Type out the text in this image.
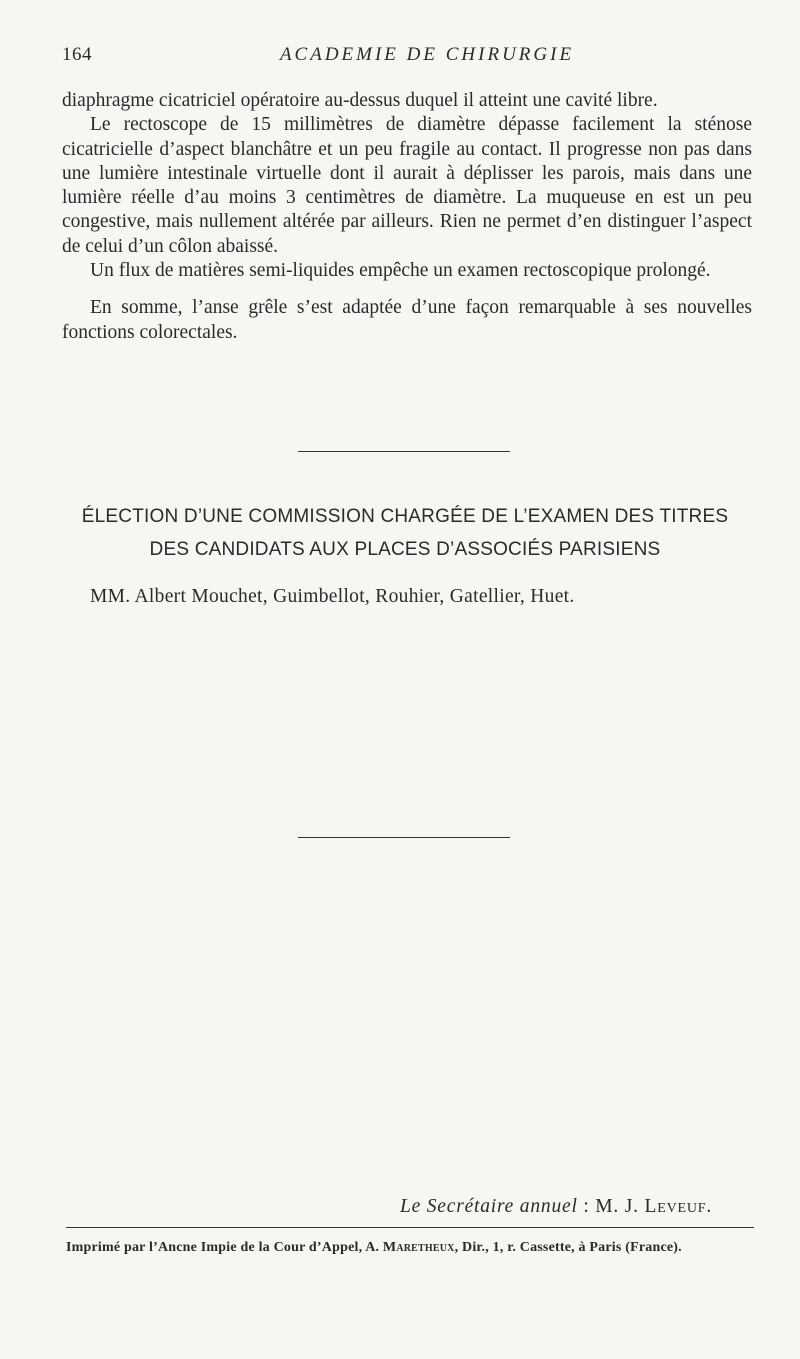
164	ACADEMIE DE CHIRURGIE

diaphragme cicatriciel opératoire au-dessus duquel il atteint une cavité libre.

Le rectoscope de 15 millimètres de diamètre dépasse facilement la sténose cicatricielle d’aspect blanchâtre et un peu fragile au contact. Il progresse non pas dans une lumière intestinale virtuelle dont il aurait à déplisser les parois, mais dans une lumière réelle d’au moins 3 centimètres de diamètre. La muqueuse en est un peu congestive, mais nullement altérée par ailleurs. Rien ne permet d’en distinguer l’aspect de celui d’un côlon abaissé.

Un flux de matières semi-liquides empêche un examen rectoscopique prolongé.

En somme, l’anse grêle s’est adaptée d’une façon remarquable à ses nouvelles fonctions colorectales.

ÉLECTION D’UNE COMMISSION CHARGÉE DE L’EXAMEN DES TITRES
DES CANDIDATS AUX PLACES D’ASSOCIÉS PARISIENS
MM. Albert Mouchet, Guimbellot, Rouhier, Gatellier, Huet.
Le Secrétaire annuel : M. J. Leveuf.
Imprimé par l’Ancne Impie de la Cour d’Appel, A. Maretheux, Dir., 1, r. Cassette, à Paris (France).
